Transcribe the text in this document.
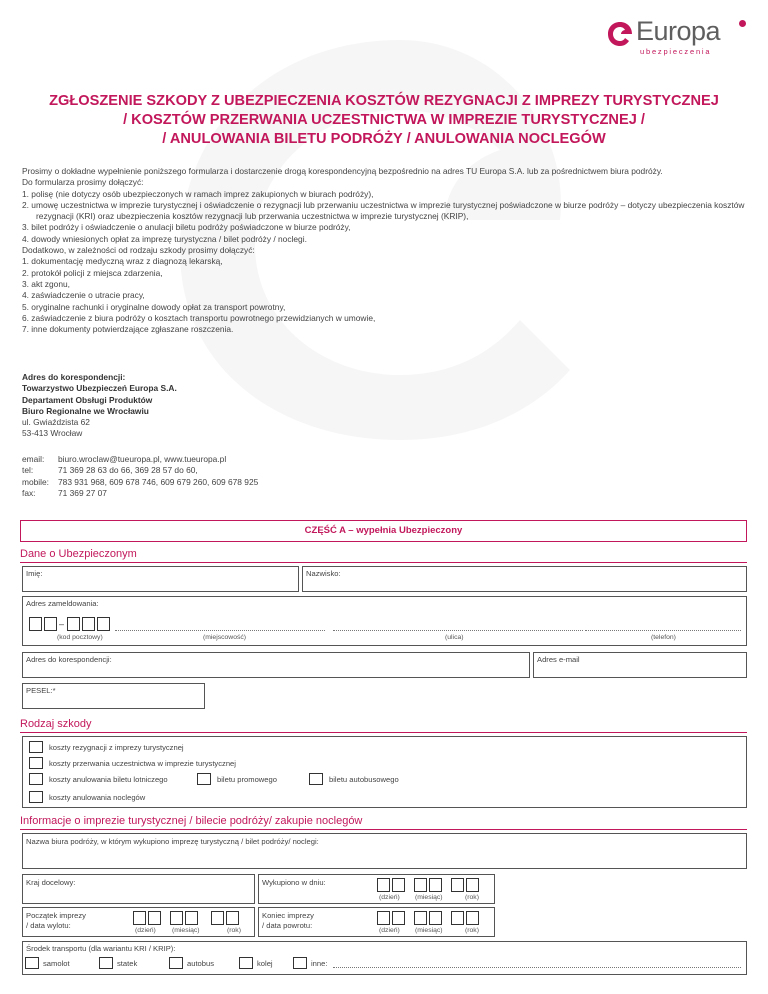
Europa
ubezpieczenia
ZGŁOSZENIE SZKODY Z UBEZPIECZENIA KOSZTÓW REZYGNACJI Z IMPREZY TURYSTYCZNEJ
/ KOSZTÓW PRZERWANIA UCZESTNICTWA W IMPREZIE TURYSTYCZNEJ /
/ ANULOWANIA BILETU PODRÓŻY / ANULOWANIA NOCLEGÓW

Prosimy o dokładne wypełnienie poniższego formularza i dostarczenie drogą korespondencyjną bezpośrednio na adres TU Europa S.A. lub za pośrednictwem biura podróży.

Do formularza prosimy dołączyć:

1. polisę (nie dotyczy osób ubezpieczonych w ramach imprez zakupionych w biurach podróży),

2. umowę uczestnictwa w imprezie turystycznej i oświadczenie o rezygnacji lub przerwaniu uczestnictwa w imprezie turystycznej poświadczone w biurze podróży – dotyczy ubezpieczenia kosztów rezygnacji (KRI) oraz ubezpieczenia kosztów rezygnacji lub przerwania uczestnictwa w imprezie turystycznej (KRIP),

3. bilet podróży i oświadczenie o anulacji biletu podróży poświadczone w biurze podróży,

4. dowody wniesionych opłat za imprezę turystyczna / bilet podróży / noclegi.

Dodatkowo, w zależności od rodzaju szkody prosimy dołączyć:

1. dokumentację medyczną wraz z diagnozą lekarską,

2. protokół policji z miejsca zdarzenia,

3. akt zgonu,

4. zaświadczenie o utracie pracy,

5. oryginalne rachunki i oryginalne dowody opłat za transport powrotny,

6. zaświadczenie z biura podróży o kosztach transportu powrotnego przewidzianych w umowie,

7. inne dokumenty potwierdzające zgłaszane roszczenia.

Adres do korespondencji:
Towarzystwo Ubezpieczeń Europa S.A.
Departament Obsługi Produktów
Biuro Regionalne we Wrocławiu
ul. Gwiaździsta 62
53-413 Wrocław
email:	biuro.wroclaw@tueuropa.pl, www.tueuropa.pl
tel:	71 369 28 63 do 66, 369 28 57 do 60,
mobile:	783 931 968, 609 678 746, 609 679 260, 609 678 925
fax:	71 369 27 07
CZĘŚĆ A – wypełnia Ubezpieczony
Dane o Ubezpieczonym
Imię:	Nazwisko:
Adres zameldowania:
–
(kod pocztowy)	(miejscowość)	(ulica)	(telefon)
Adres do korespondencji:	Adres e-mail
PESEL:*
Rodzaj szkody
koszty rezygnacji z imprezy turystycznej
koszty przerwania uczestnictwa w imprezie turystycznej
koszty anulowania biletu lotniczego	biletu promowego	biletu autobusowego
koszty anulowania noclegów
Informacje o imprezie turystycznej / bilecie podróży/ zakupie noclegów
Nazwa biura podróży, w którym wykupiono imprezę turystyczną / bilet podróży/ noclegi:
Kraj docelowy:	Wykupiono w dniu:
(dzień) (miesiąc)	(rok)
Początek imprezy
/ data wylotu:
(dzień) (miesiąc)	(rok)
Koniec imprezy
/ data powrotu:
(dzień) (miesiąc)	(rok)
Środek transportu (dla wariantu KRI / KRIP):
samolot	statek	autobus	kolej	inne:
